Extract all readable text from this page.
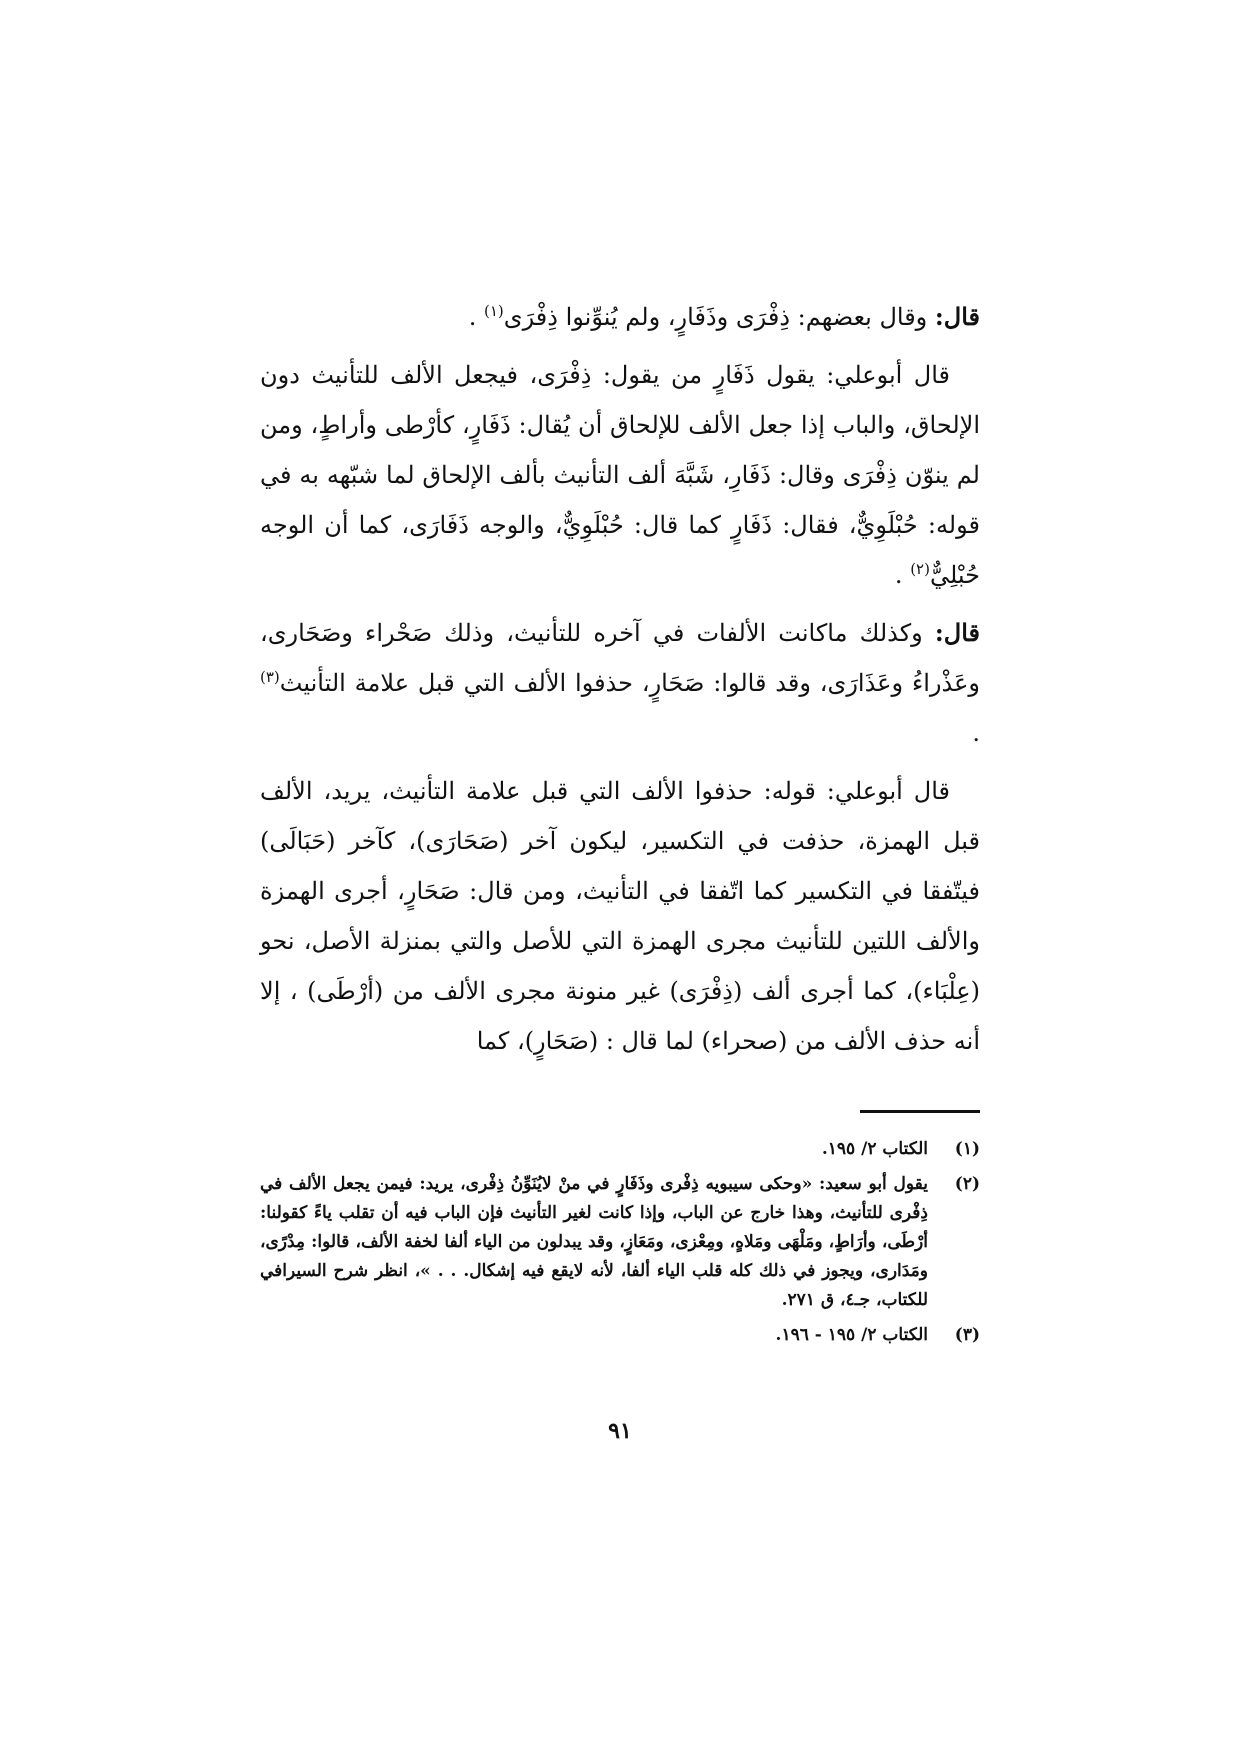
قال: وقال بعضهم: ذِفْرَى وذَفَارٍ، ولم يُنوِّنوا ذِفْرَى$^{(١)}$ .

قال أبوعلي: يقول ذَفَارٍ من يقول: ذِفْرَى، فيجعل الألف للتأنيث دون الإلحاق، والباب إذا جعل الألف للإلحاق أن يُقال: ذَفَارٍ، كأرْطى وأراطٍ، ومن لم ينوّن ذِفْرَى وقال: ذَفَارِ، شَبَّهَ ألف التأنيث بألف الإلحاق لما شبّهه به في قوله: حُبْلَوِيٌّ، فقال: ذَفَارٍ كما قال: حُبْلَوِيٌّ، والوجه ذَفَارَى، كما أن الوجه حُبْلِيٌّ$^{(٢)}$ .

قال: وكذلك ماكانت الألفات في آخره للتأنيث، وذلك صَحْراء وصَحَارى، وعَذْراءُ وعَذَارَى، وقد قالوا: صَحَارٍ، حذفوا الألف التي قبل علامة التأنيث$^{(٣)}$ .

قال أبوعلي: قوله: حذفوا الألف التي قبل علامة التأنيث، يريد، الألف قبل الهمزة، حذفت في التكسير، ليكون آخر (صَحَارَى)، كآخر (حَبَالَى) فيتّفقا في التكسير كما اتّفقا في التأنيث، ومن قال: صَحَارٍ، أجرى الهمزة والألف اللتين للتأنيث مجرى الهمزة التي للأصل والتي بمنزلة الأصل، نحو (عِلْبَاء)، كما أجرى ألف (ذِفْرَى) غير منونة مجرى الألف من (أرْطَى) ، إلا أنه حذف الألف من (صحراء) لما قال : (صَحَارٍ)، كما

(١)
الكتاب ٢/ ١٩٥.
(٢)
يقول أبو سعيد: «وحكى سيبويه ذِفْرى وذَفَارٍ في منْ لايُنَوِّنُ ذِفْرى، يريد: فيمن يجعل الألف في ذِفْرى للتأنيث، وهذا خارج عن الباب، وإذا كانت لغير التأنيث فإن الباب فيه أن تقلب ياءً كقولنا: أرْطَى، وأرَاطٍ، ومَلْهَى ومَلاهٍ، ومِعْزى، ومَعَازٍ، وقد يبدلون من الياء ألفا لخفة الألف، قالوا: مِدْرًى، ومَدَارى، ويجوز في ذلك كله قلب الياء ألفا، لأنه لايقع فيه إشكال. . . »، انظر شرح السيرافي للكتاب، جـ٤، ق ٢٧١.
(٣)
الكتاب ٢/ ١٩٥ - ١٩٦.
٩١
